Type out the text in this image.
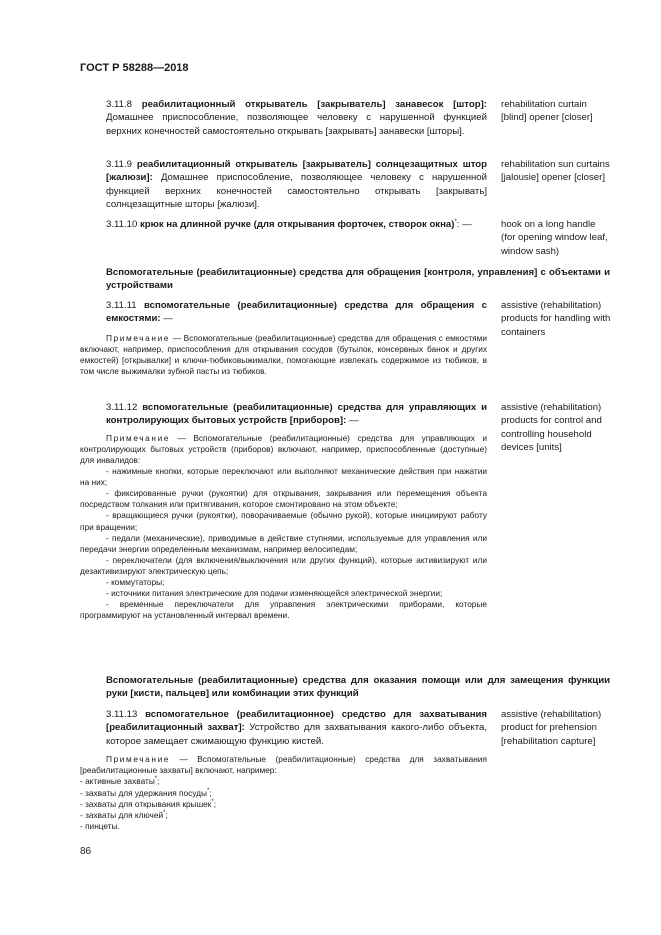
ГОСТ Р 58288—2018

3.11.8 реабилитационный открыватель [закрыватель] занавесок [штор]: Домашнее приспособление, позволяющее человеку с нарушенной функцией верхних конечностей самостоятельно открывать [закрывать] занавески [шторы].

rehabilitation curtain [blind] opener [closer]

3.11.9 реабилитационный открыватель [закрыватель] солнцезащитных штор [жалюзи]: Домашнее приспособление, позволяющее человеку с нарушенной функцией верхних конечностей самостоятельно открывать [закрывать] солнцезащитные шторы [жалюзи].

rehabilitation sun curtains [jalousie] opener [closer]

3.11.10 крюк на длинной ручке (для открывания форточек, створок окна)*: —	hook on a long handle (for opening window leaf, window sash)

Вспомогательные (реабилитационные) средства для обращения [контроля, управления] с объектами и устройствами

3.11.11 вспомогательные (реабилитационные) средства для обращения с емкостями: —

Примечание — Вспомогательные (реабилитационные) средства для обращения с емкостями включают, например, приспособления для открывания сосудов (бутылок, консервных банок и других емкостей) [открывалки] и ключи-тюбиковыжималки, помогающие извлекать содержимое из тюбиков, в том числе выжималки зубной пасты из тюбиков.

assistive (rehabilitation) products for handling with containers

3.11.12 вспомогательные (реабилитационные) средства для управляющих и контролирующих бытовых устройств [приборов]: —

Примечание — Вспомогательные (реабилитационные) средства для управляющих и контролирующих бытовых устройств (приборов) включают, например, приспособленные (доступные) для инвалидов:

- нажимные кнопки, которые переключают или выполняют механические действия при нажатии на них;

- фиксированные ручки (рукоятки) для открывания, закрывания или перемещения объекта посредством толкания или притягивания, которое смонтировано на этом объекте;

- вращающиеся ручки (рукоятки), поворачиваемые (обычно рукой), которые инициируют работу при вращении;

- педали (механические), приводимые в действие ступнями, используемые для управления или передачи энергии определенным механизмам, например велосипедам;

- переключатели (для включения/выключения или других функций), которые активизируют или дезактивизируют электрическую цепь;

- коммутаторы;

- источники питания электрические для подачи изменяющейся электрической энергии;

- временные переключатели для управления электрическими приборами, которые программируют на установленный интервал времени.

assistive (rehabilitation) products for control and controlling household devices [units]

Вспомогательные (реабилитационные) средства для оказания помощи или для замещения функции руки [кисти, пальцев] или комбинации этих функций

3.11.13 вспомогательное (реабилитационное) средство для захватывания [реабилитационный захват]: Устройство для захватывания какого-либо объекта, которое замещает сжимающую функцию кистей.

Примечание — Вспомогательные (реабилитационные) средства для захватывания [реабилитационные захваты] включают, например:

- активные захваты*;

- захваты для удержания посуды*;

- захваты для открывания крышек*;

- захваты для ключей*;

- пинцеты.

assistive (rehabilitation) product for prehension [rehabilitation capture]
86
